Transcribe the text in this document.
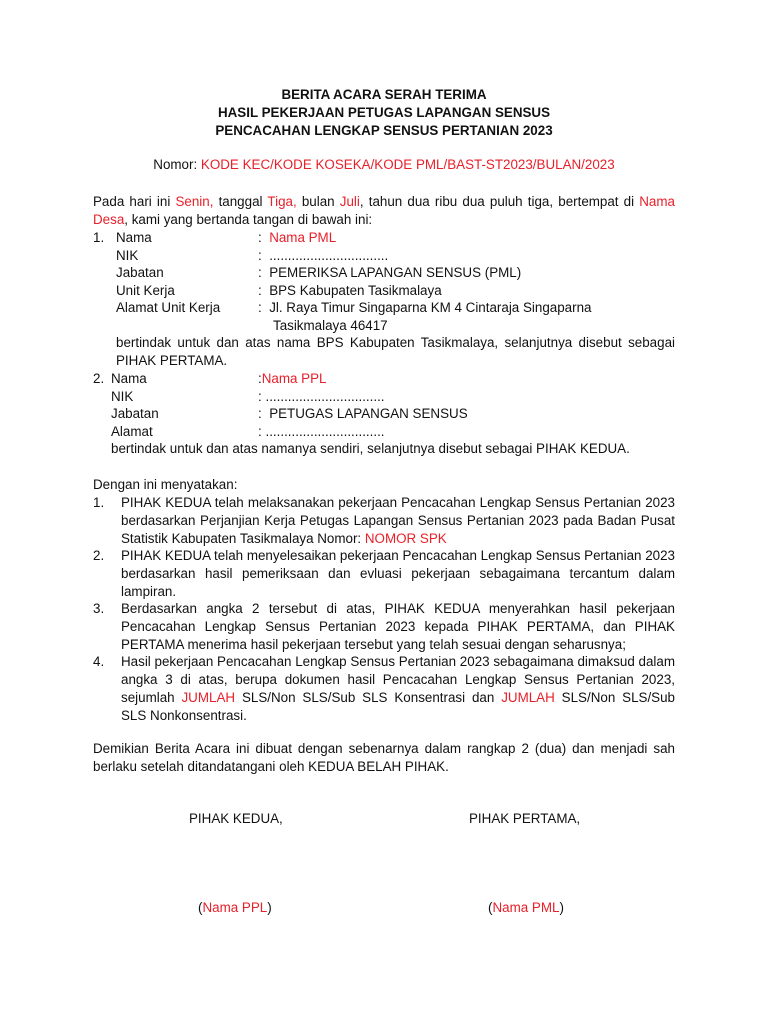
BERITA ACARA SERAH TERIMA
HASIL PEKERJAAN PETUGAS LAPANGAN SENSUS
PENCACAHAN LENGKAP SENSUS PERTANIAN 2023
Nomor: KODE KEC/KODE KOSEKA/KODE PML/BAST-ST2023/BULAN/2023
Pada hari ini Senin, tanggal Tiga, bulan Juli, tahun dua ribu dua puluh tiga, bertempat di Nama Desa, kami yang bertanda tangan di bawah ini:
1. Nama	: Nama PML
NIK	: ................................
Jabatan	: PEMERIKSA LAPANGAN SENSUS (PML)
Unit Kerja	: BPS Kabupaten Tasikmalaya
Alamat Unit Kerja	: Jl. Raya Timur Singaparna KM 4 Cintaraja Singaparna
Tasikmalaya 46417
bertindak untuk dan atas nama BPS Kabupaten Tasikmalaya, selanjutnya disebut sebagai PIHAK PERTAMA.
2. Nama	:Nama PPL
NIK	: ................................
Jabatan	: PETUGAS LAPANGAN SENSUS
Alamat	: ................................
bertindak untuk dan atas namanya sendiri, selanjutnya disebut sebagai PIHAK KEDUA.
Dengan ini menyatakan:
1. PIHAK KEDUA telah melaksanakan pekerjaan Pencacahan Lengkap Sensus Pertanian 2023 berdasarkan Perjanjian Kerja Petugas Lapangan Sensus Pertanian 2023 pada Badan Pusat Statistik Kabupaten Tasikmalaya Nomor: NOMOR SPK
2. PIHAK KEDUA telah menyelesaikan pekerjaan Pencacahan Lengkap Sensus Pertanian 2023 berdasarkan hasil pemeriksaan dan evluasi pekerjaan sebagaimana tercantum dalam lampiran.
3. Berdasarkan angka 2 tersebut di atas, PIHAK KEDUA menyerahkan hasil pekerjaan Pencacahan Lengkap Sensus Pertanian 2023 kepada PIHAK PERTAMA, dan PIHAK PERTAMA menerima hasil pekerjaan tersebut yang telah sesuai dengan seharusnya;
4. Hasil pekerjaan Pencacahan Lengkap Sensus Pertanian 2023 sebagaimana dimaksud dalam angka 3 di atas, berupa dokumen hasil Pencacahan Lengkap Sensus Pertanian 2023, sejumlah JUMLAH SLS/Non SLS/Sub SLS Konsentrasi dan JUMLAH SLS/Non SLS/Sub SLS Nonkonsentrasi.
Demikian Berita Acara ini dibuat dengan sebenarnya dalam rangkap 2 (dua) dan menjadi sah berlaku setelah ditandatangani oleh KEDUA BELAH PIHAK.
PIHAK KEDUA,	PIHAK PERTAMA,
(Nama PPL)	(Nama PML)
